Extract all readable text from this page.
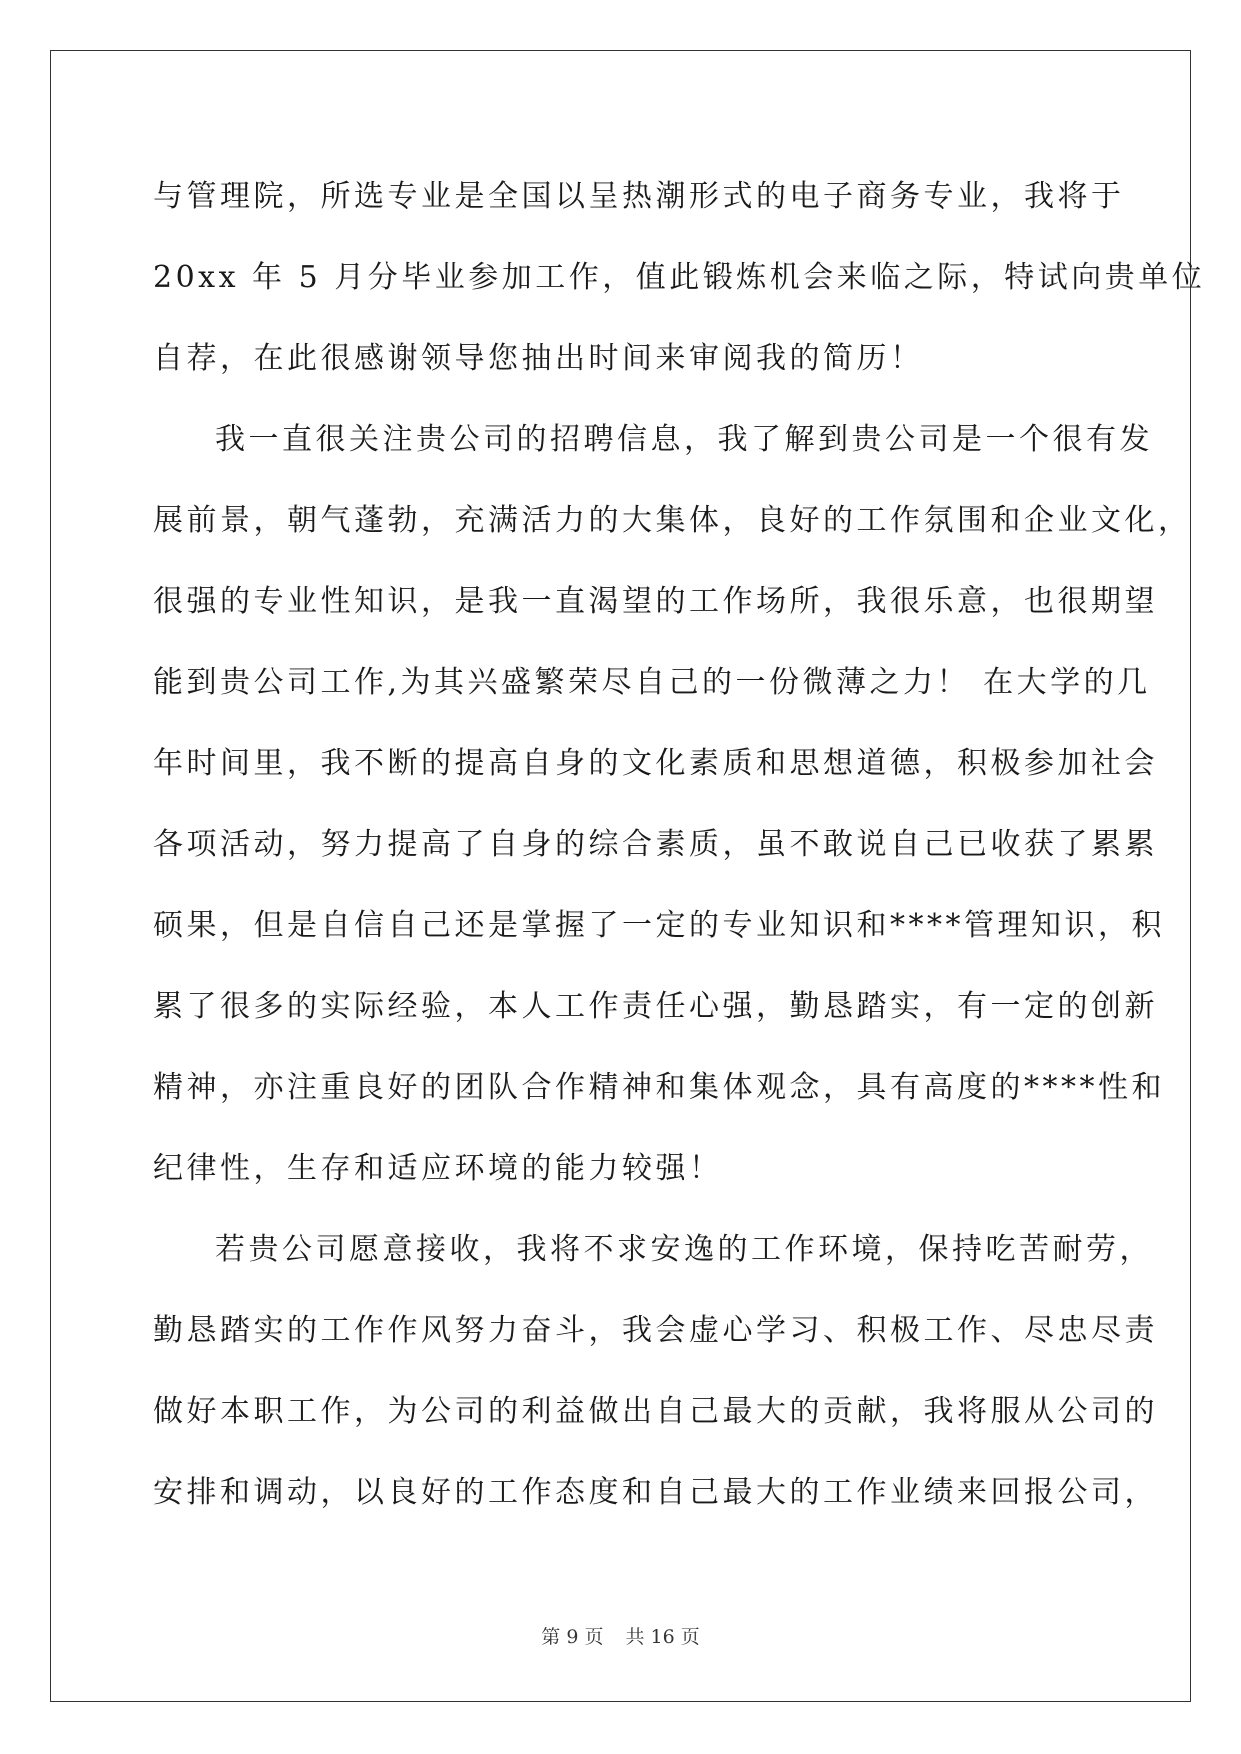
与管理院，所选专业是全国以呈热潮形式的电子商务专业，我将于
20xx 年 5 月分毕业参加工作，值此锻炼机会来临之际，特试向贵单位
自荐，在此很感谢领导您抽出时间来审阅我的简历！
我一直很关注贵公司的招聘信息，我了解到贵公司是一个很有发
展前景，朝气蓬勃，充满活力的大集体，良好的工作氛围和企业文化，
很强的专业性知识，是我一直渴望的工作场所，我很乐意，也很期望
能到贵公司工作,为其兴盛繁荣尽自己的一份微薄之力！ 在大学的几
年时间里，我不断的提高自身的文化素质和思想道德，积极参加社会
各项活动，努力提高了自身的综合素质，虽不敢说自己已收获了累累
硕果，但是自信自己还是掌握了一定的专业知识和****管理知识，积
累了很多的实际经验，本人工作责任心强，勤恳踏实，有一定的创新
精神，亦注重良好的团队合作精神和集体观念，具有高度的****性和
纪律性，生存和适应环境的能力较强！
若贵公司愿意接收，我将不求安逸的工作环境，保持吃苦耐劳，
勤恳踏实的工作作风努力奋斗，我会虚心学习、积极工作、尽忠尽责
做好本职工作，为公司的利益做出自己最大的贡献，我将服从公司的
安排和调动，以良好的工作态度和自己最大的工作业绩来回报公司，
第 9 页 共 16 页
